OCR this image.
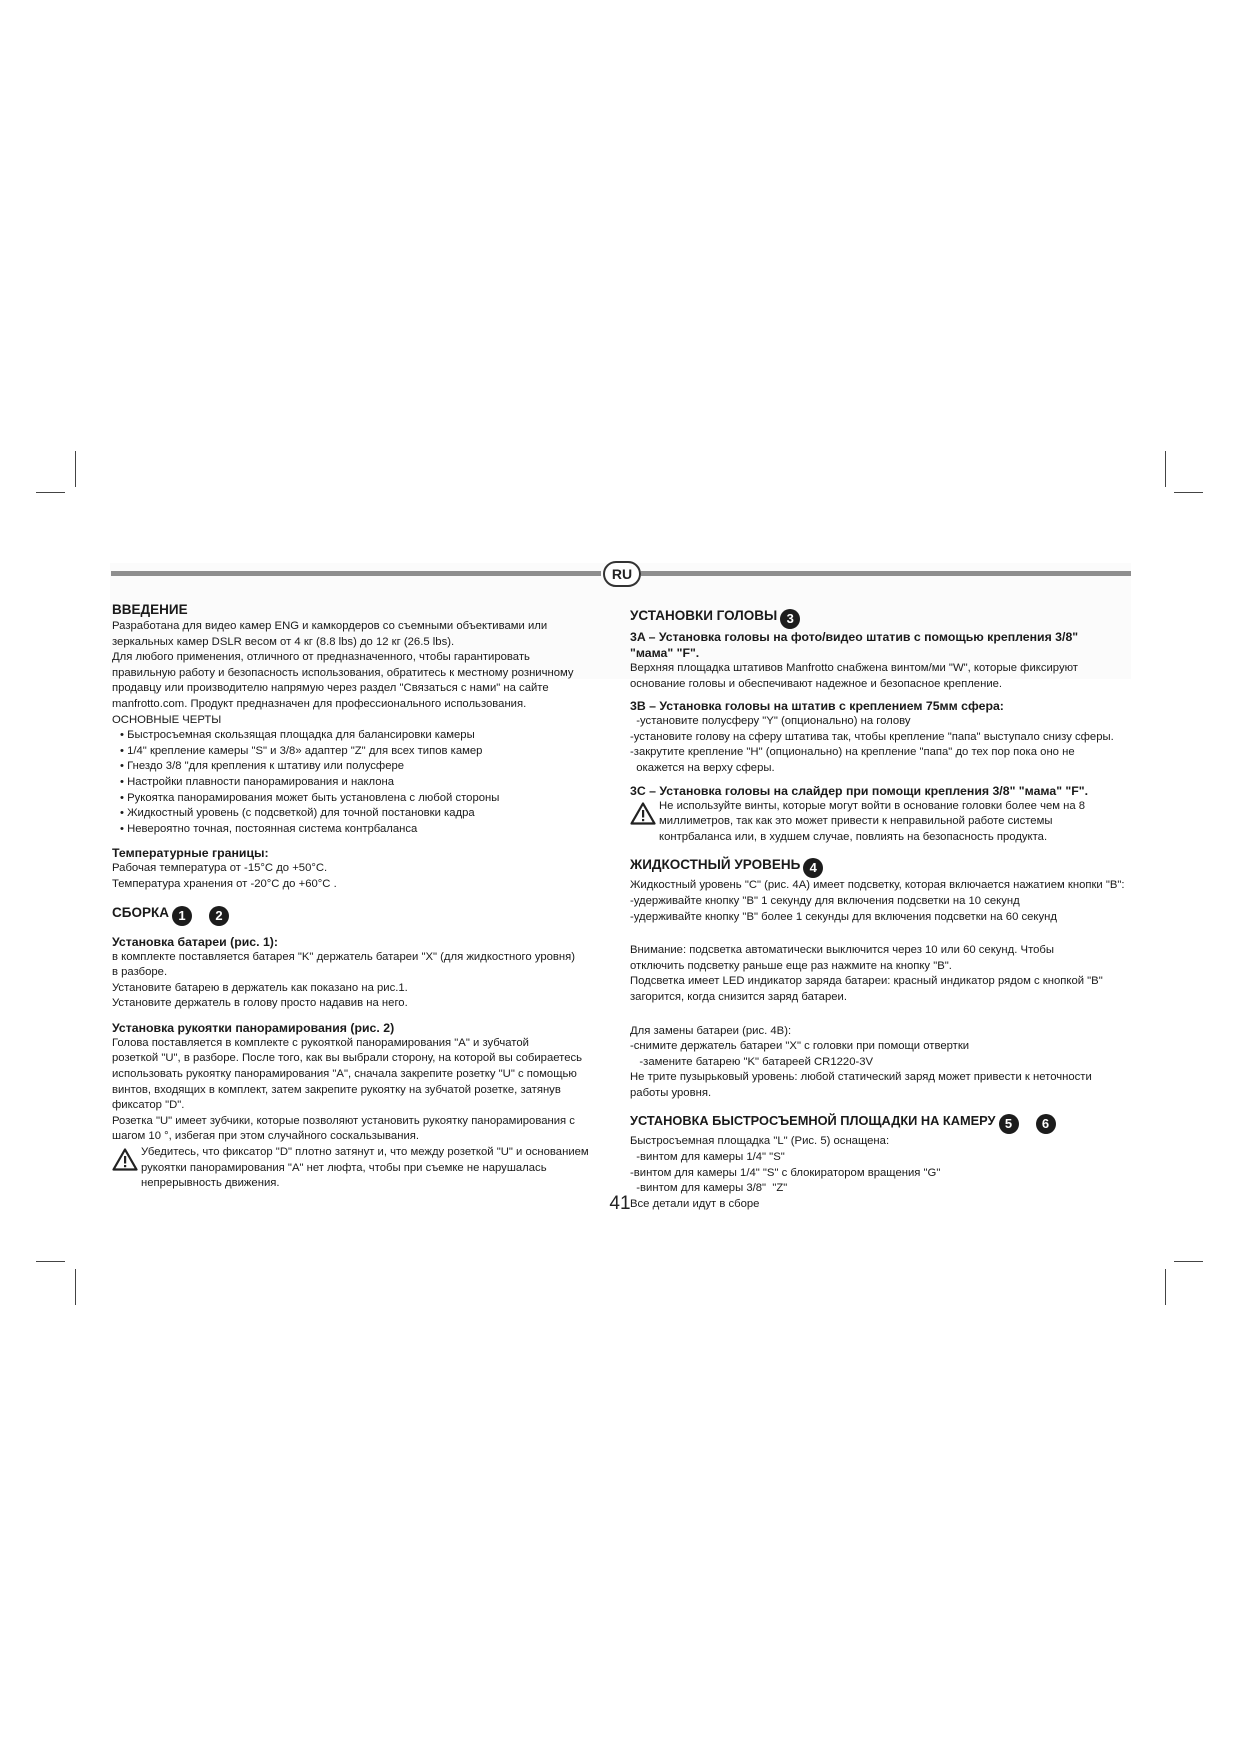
RU
ВВЕДЕНИЕ

Разработана для видео камер ENG и камкордеров со съемными объективами или

зеркальных камер DSLR весом от 4 кг (8.8 lbs) до 12 кг (26.5 lbs).

Для любого применения, отличного от предназначенного, чтобы гарантировать

правильную работу и безопасность использования, обратитесь к местному розничному

продавцу или производителю напрямую через раздел "Связаться с нами" на сайте

manfrotto.com. Продукт предназначен для профессионального использования.

ОСНОВНЫЕ ЧЕРТЫ

• Быстросъемная скользящая площадка для балансировки камеры

• 1/4" крепление камеры "S" и 3/8» адаптер "Z" для всех типов камер

• Гнездо 3/8 "для крепления к штативу или полусфере

• Настройки плавности панорамирования и наклона

• Рукоятка панорамирования может быть установлена с любой стороны

• Жидкостный уровень (с подсветкой) для точной постановки кадра

• Невероятно точная, постоянная система контрбаланса

Температурные границы:

Рабочая температура от -15°C до +50°C.

Температура хранения от -20°C до +60°C .

СБОРКА 1 2
Установка батареи (рис. 1):

в комплекте поставляется батарея "K" держатель батареи "X" (для жидкостного уровня)

в разборе.

Установите батарею в держатель как показано на рис.1.

Установите держатель в голову просто надавив на него.

Установка рукоятки панорамирования (рис. 2)

Голова поставляется в комплекте с рукояткой панорамирования "A" и зубчатой

розеткой "U", в разборе. После того, как вы выбрали сторону, на которой вы собираетесь

использовать рукоятку панорамирования "A", сначала закрепите розетку "U" с помощью

винтов, входящих в комплект, затем закрепите рукоятку на зубчатой розетке, затянув

фиксатор "D".

Розетка "U" имеет зубчики, которые позволяют установить рукоятку панорамирования с

шагом 10 °, избегая при этом случайного соскальзывания.

Убедитесь, что фиксатор "D" плотно затянут и, что между розеткой "U" и основанием

рукоятки панорамирования "A" нет люфта, чтобы при съемке не нарушалась

непрерывность движения.

УСТАНОВКИ ГОЛОВЫ 3
3A – Установка головы на фото/видео штатив с помощью крепления 3/8"
"мама" "F".

Верхняя площадка штативов Manfrotto снабжена винтом/ми "W", которые фиксируют

основание головы и обеспечивают надежное и безопасное крепление.

3B – Установка головы на штатив с креплением 75мм сфера:

-установите полусферу "Y" (опционально) на голову

-установите голову на сферу штатива так, чтобы крепление "папа" выступало снизу сферы.

-закрутите крепление "H" (опционально) на крепление "папа" до тех пор пока оно не

окажется на верху сферы.

3C – Установка головы на слайдер при помощи крепления 3/8" "мама" "F".

Не используйте винты, которые могут войти в основание головки более чем на 8

миллиметров, так как это может привести к неправильной работе системы

контрбаланса или, в худшем случае, повлиять на безопасность продукта.

ЖИДКОСТНЫЙ УРОВЕНЬ 4

Жидкостный уровень "C" (рис. 4A) имеет подсветку, которая включается нажатием кнопки "B":

-удерживайте кнопку "B" 1 секунду для включения подсветки на 10 секунд

-удерживайте кнопку "B" более 1 секунды для включения подсветки на 60 секунд

Внимание: подсветка автоматически выключится через 10 или 60 секунд. Чтобы

отключить подсветку раньше еще раз нажмите на кнопку "B".

Подсветка имеет LED индикатор заряда батареи: красный индикатор рядом с кнопкой "B"

загорится, когда снизится заряд батареи.

Для замены батареи (рис. 4B):

-снимите держатель батареи "X" с головки при помощи отвертки

-замените батарею "K" батареей CR1220-3V

Не трите пузырьковый уровень: любой статический заряд может привести к неточности

работы уровня.

УСТАНОВКА БЫСТРОСЪЕМНОЙ ПЛОЩАДКИ НА КАМЕРУ 5 6

Быстросъемная площадка "L" (Рис. 5) оснащена:

-винтом для камеры 1/4" "S"

-винтом для камеры 1/4" "S" с блокиратором вращения "G"

-винтом для камеры 3/8"  "Z"

Все детали идут в сборе

41
